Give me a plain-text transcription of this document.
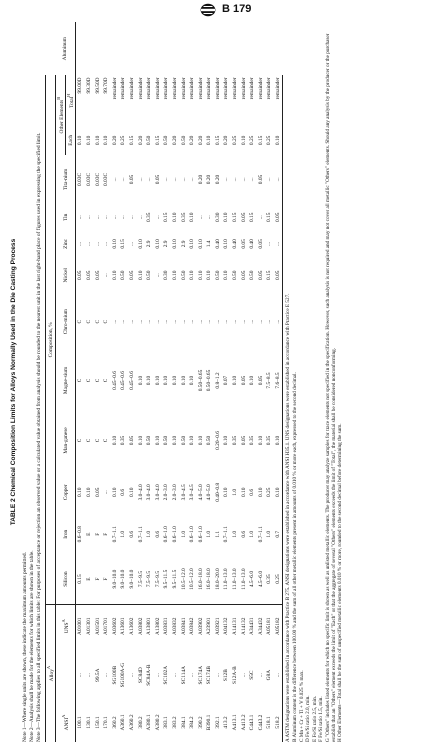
B 179
TABLE 2 Chemical Composition Limits for Alloys Normally Used in the Die Casting Process

Note 1—Where single units are shown, these indicate the maximum amounts permitted. Note 2—Analysis shall be made for the elements for which limits are shown in the table. Note 3—The following applies to all specified limits in this table: For purposes of acceptance or rejection an observed value or a calculated value obtained from analysis should be rounded to the nearest unit in the last right-hand place of figures used in expressing the specified limit. Alloy$^A$			Composition, %												
$ANSI^A$		$UNS^A$	Silicon	Iron	Copper	Man-ganese	Magne-sium	Chro-mium	Nickel	Zinc	Tin	Tita-nium	Other Elements$^B$		Aluminum
													Each	Total$^H$
100.1	...	A01001	0.15	0.6–0.8	0.10	C	C	C	0.05	...	...	0.03C	0.10	99.00D	
130.1	...	A01301	E	E	0.10	C	C	C	0.05	...	...	0.03C	0.10	99.30D	
150.1	99.5A	A01501	F	F	0.05	C	C	C	0.05	...	...	0.03C	0.10	99.50D	
170.1	...	A01701	F	F	...	C	C	C	...	...	...	0.03C	0.10	99.70D	
360.2	SG100B	A03602	9.0–10.0	0.7–1.1	0.10	0.10	0.45–0.6	...	0.10	0.10	...	...	0.20	remainder	
A360.1	SG100A-G	A13601	9.0–10.0	1.0	0.6	0.35	0.45–0.6	...	0.50	0.15	...	...	0.25	remainder	
A360.2	...	A13602	9.0–10.0	0.6	0.10	0.05	0.45–0.6	...	0.05	...	...	0.05	0.15	remainder	
380.2	SC84D	A03802	7.5–9.5	0.7–1.1	3.0–4.0	0.10	0.10	...	0.10	0.10	...	...	0.20	remainder	
A380.1	SC84A-B	A13801	7.5–9.5	1.0	3.0–4.0	0.50	0.10	...	0.50	2.9	0.35	...	0.50	remainder	
A380.2	...	A13802	7.5–9.5	0.6	3.0–4.0	0.10	0.10	...	...	0.10	...	0.05	0.15	remainder	
383.1	SC102A	A03831	9.5–11.5	0.6–1.0	2.0–3.0	0.50	0.10	...	0.30	2.9	0.15	...	0.50	remainder	
383.2	...	A03832	9.5–11.5	0.6–1.0	2.0–3.0	0.10	0.10	...	0.10	0.10	0.10	...	0.20	remainder	
384.1	SC114A	A03841	10.5–12.0	1.0	3.0–4.5	0.50	0.10	...	0.50	2.9	0.35	...	0.50	remainder	
384.2	...	A03842	10.5–12.0	0.6–1.0	3.0–4.5	0.10	0.10	...	0.10	0.10	0.10	...	0.20	remainder	
390.2	SC174A	A03902	16.0–18.0	0.6–1.0	4.0–5.0	0.10	0.50–0.65	...	0.10	0.10	...	0.20	0.20	remainder	
B390.1	SC174B	A23901	16.0–18.0	1.0	4.0–5.0	0.50	0.50–0.65	...	0.10	1.4	...	0.20	0.10	remainder	
392.1	...	A03921	18.0–20.0	1.1	0.40–0.8	0.20–0.6	0.8–1.2	...	0.50	0.40	0.30	0.20	0.15	remainder	
413.2	S12B	A04132	11.0–13.0	0.7–1.1	0.10	0.10	0.07	...	0.10	0.10	0.10	...	0.20	remainder	
A413.1	S12A-B	A14131	11.0–13.0	1.0	1.0	0.35	0.10	...	0.50	0.40	0.15	...	0.25	remainder	
A413.2	...	A14132	11.0–13.0	0.6	0.10	0.05	0.05	...	0.05	0.05	0.05	...	0.10	remainder	
C443.1	S5C	A34431	4.5–6.0	1.0	0.6	0.35	0.10	...	0.50	0.40	0.15	...	0.25	remainder	
C443.2	...	A34432	4.5–6.0	0.7–1.1	0.10	0.10	0.05	...	0.05	0.05	...	0.05	0.15	remainder	
518.1	G8A	A05181	0.35	1.0	0.25	0.35	7.5–8.5	...	0.15	...	0.15	...	0.25	remainder	
518.2	...	A05182	0.25	0.7	0.10	0.10	7.6–8.5	...	0.05	...	0.05	...	0.10	remainder	

A ASTM designations were established in accordance with Practice B 275. ANSI designations were established in accordance with ANSI H35.1. UNS designations were established in accordance with Practice E 527. B Aluminum content is the difference between 100.00 % and the sum of all other metallic elements present in amounts of 0.010 % or more each, expressed to the second decimal. C Mn + Cr + Ti + V 0.025 % max. D Fe/Si ratio 2.0, min. E Fe/Si ratio 2.5, min. F Fe/Si ratio 1.5, min. G "Others" includes listed elements for which no specific limit is shown as well as unlisted metallic elements. The producer may analyze samples for trace elements not specified in the specification. However, such analysis is not required and may not cover all metallic "Others" elements. Should any analysis by the producer or the purchaser establish that an "Others" element exceeds the limit of "Each" or that the aggregate of several "Others" elements exceeds the limit of "Total", the material shall be considered nonconforming. H Other Elements—Total shall be the sum of unspecified metallic elements 0.010 % or more, rounded to the second decimal before determining the sum.
